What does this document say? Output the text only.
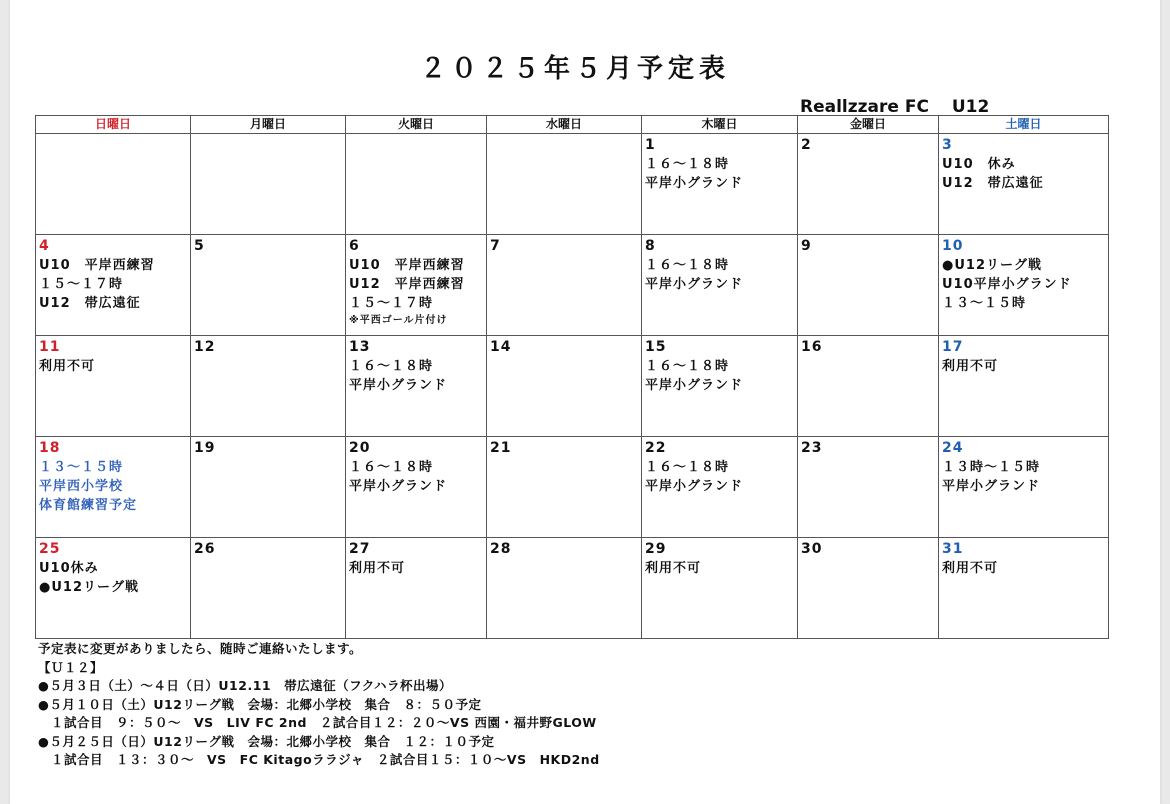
２０２５年５月予定表
Reallzzare FC　 U12
日曜日	月曜日	火曜日	水曜日	木曜日	金曜日	土曜日

				1
１６～１８時
平岸小グランド	2	3
U10　休み
U12　帯広遠征

4
U10　平岸西練習
１５～１７時
U12　帯広遠征	5	6
U10　平岸西練習
U12　平岸西練習
１５～１７時
※平西ゴール片付け	7	8
１６～１８時
平岸小グランド	9	10
●U12リーグ戦
U10平岸小グランド
１３～１５時

11
利用不可	12	13
１６～１８時
平岸小グランド	14	15
１６～１８時
平岸小グランド	16	17
利用不可

18
１３～１５時
平岸西小学校
体育館練習予定	19	20
１６～１８時
平岸小グランド	21	22
１６～１８時
平岸小グランド	23	24
１３時～１５時
平岸小グランド

25
U10休み
●U12リーグ戦	26	27
利用不可	28	29
利用不可	30	31
利用不可
予定表に変更がありましたら、随時ご連絡いたします。
【Ｕ１２】
●５月３日（土）～４日（日）U12.11　帯広遠征（フクハラ杯出場）
●５月１０日（土）U12リーグ戦　会場：北郷小学校　集合　８：５０予定
　１試合目　９：５０～　VS　LIV FC 2nd　２試合目１２：２０～VS 西園・福井野GLOW
●５月２５日（日）U12リーグ戦　会場：北郷小学校　集合　１２：１０予定
　１試合目　１３：３０～　VS　FC Kitagoララジャ　２試合目１５：１０～VS　HKD2nd
